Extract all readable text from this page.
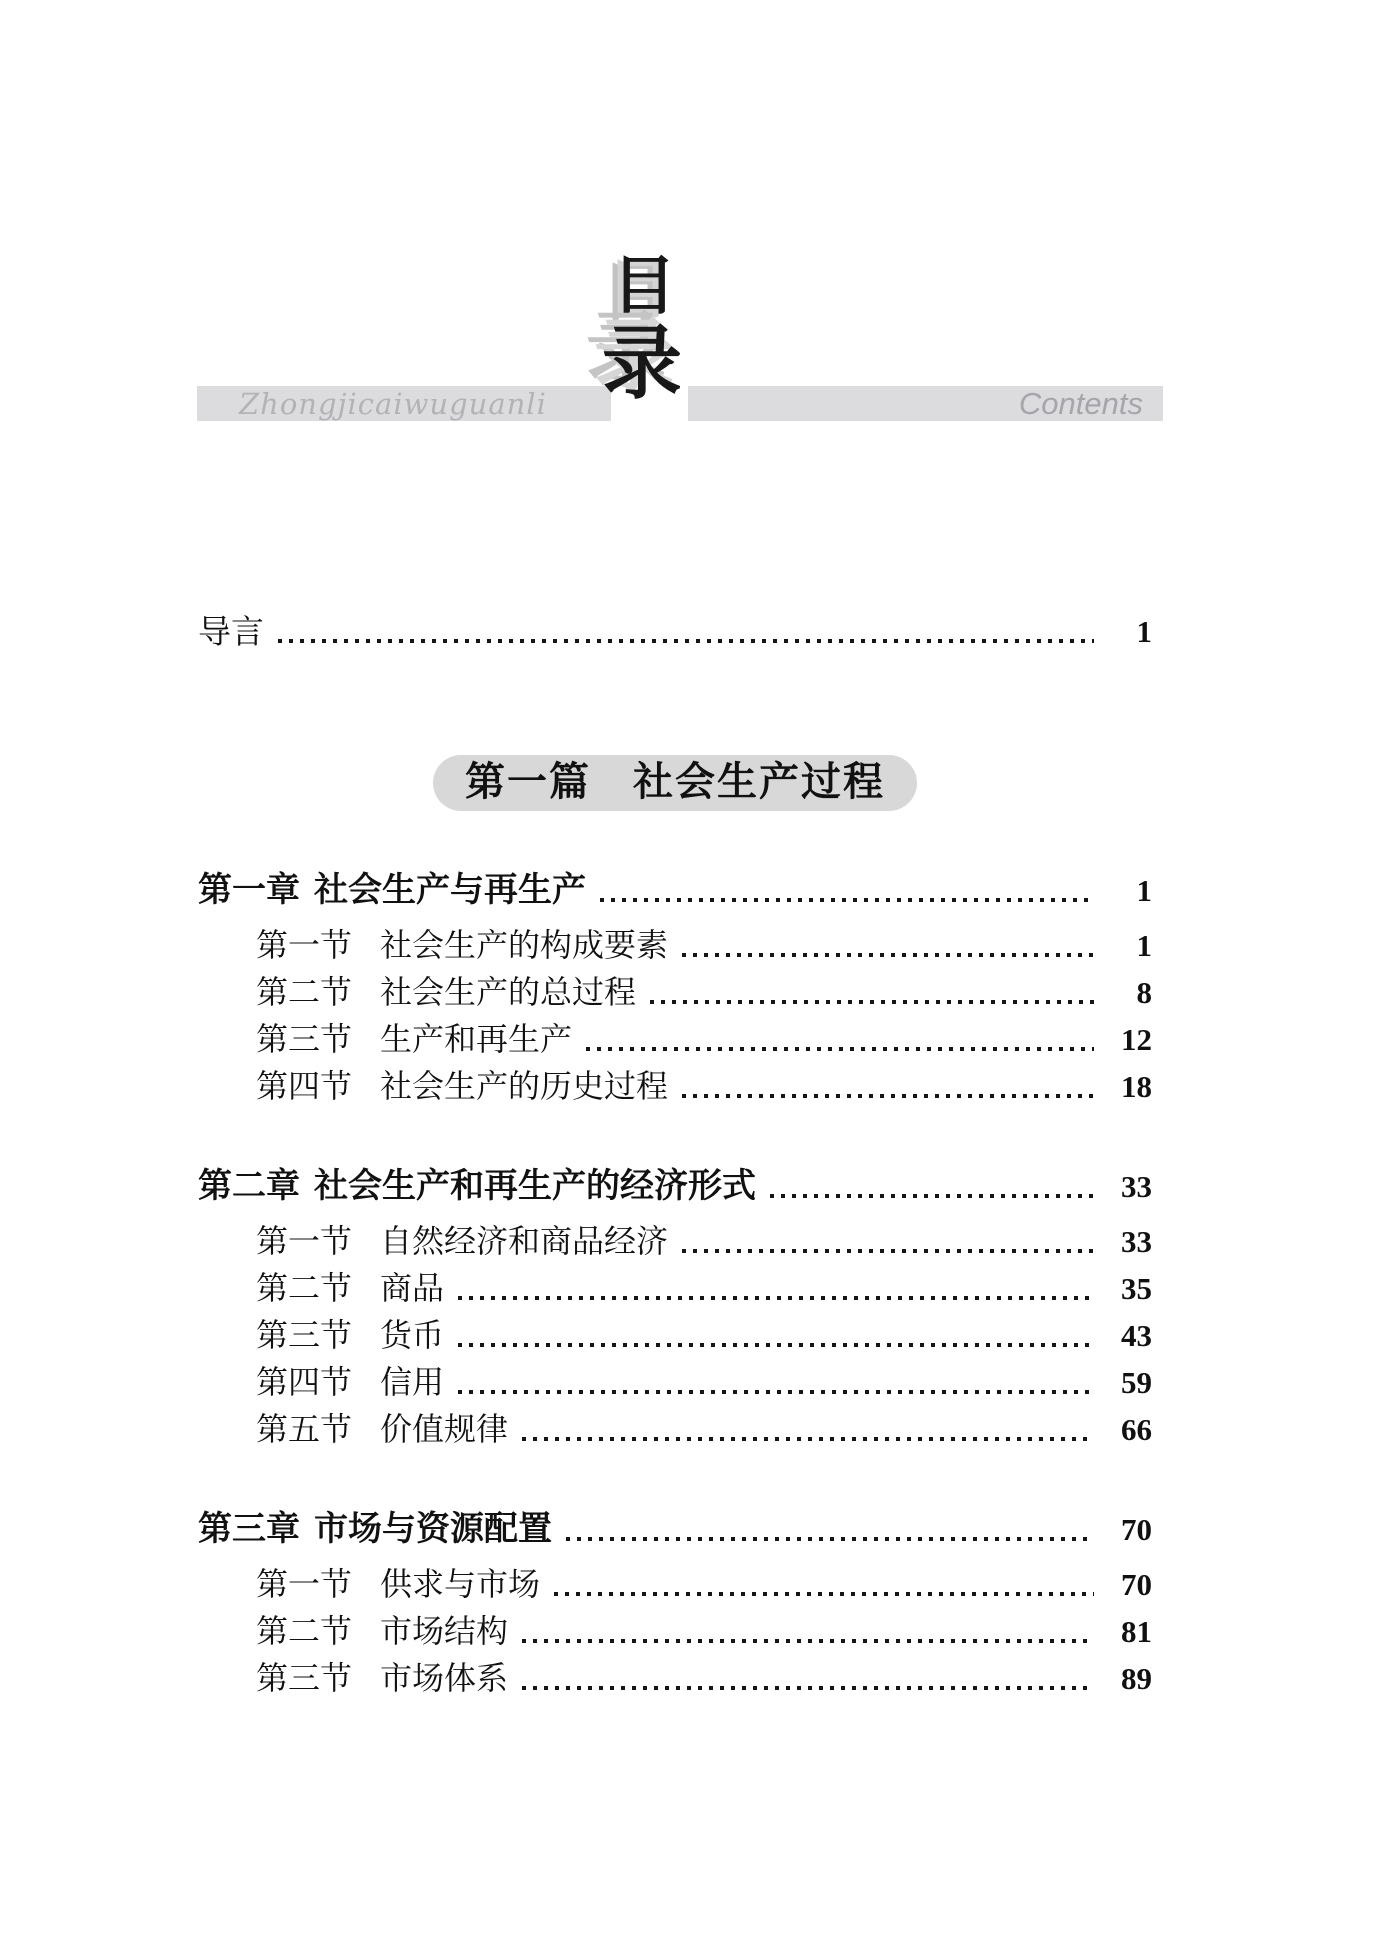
目
录
Zhongjicaiwuguanli	Contents
导言	1
第一篇　社会生产过程
第一章 社会生产与再生产	1
第一节 社会生产的构成要素	1
第二节 社会生产的总过程	8
第三节 生产和再生产	12
第四节 社会生产的历史过程	18
第二章 社会生产和再生产的经济形式	33
第一节 自然经济和商品经济	33
第二节 商品	35
第三节 货币	43
第四节 信用	59
第五节 价值规律	66
第三章 市场与资源配置	70
第一节 供求与市场	70
第二节 市场结构	81
第三节 市场体系	89
